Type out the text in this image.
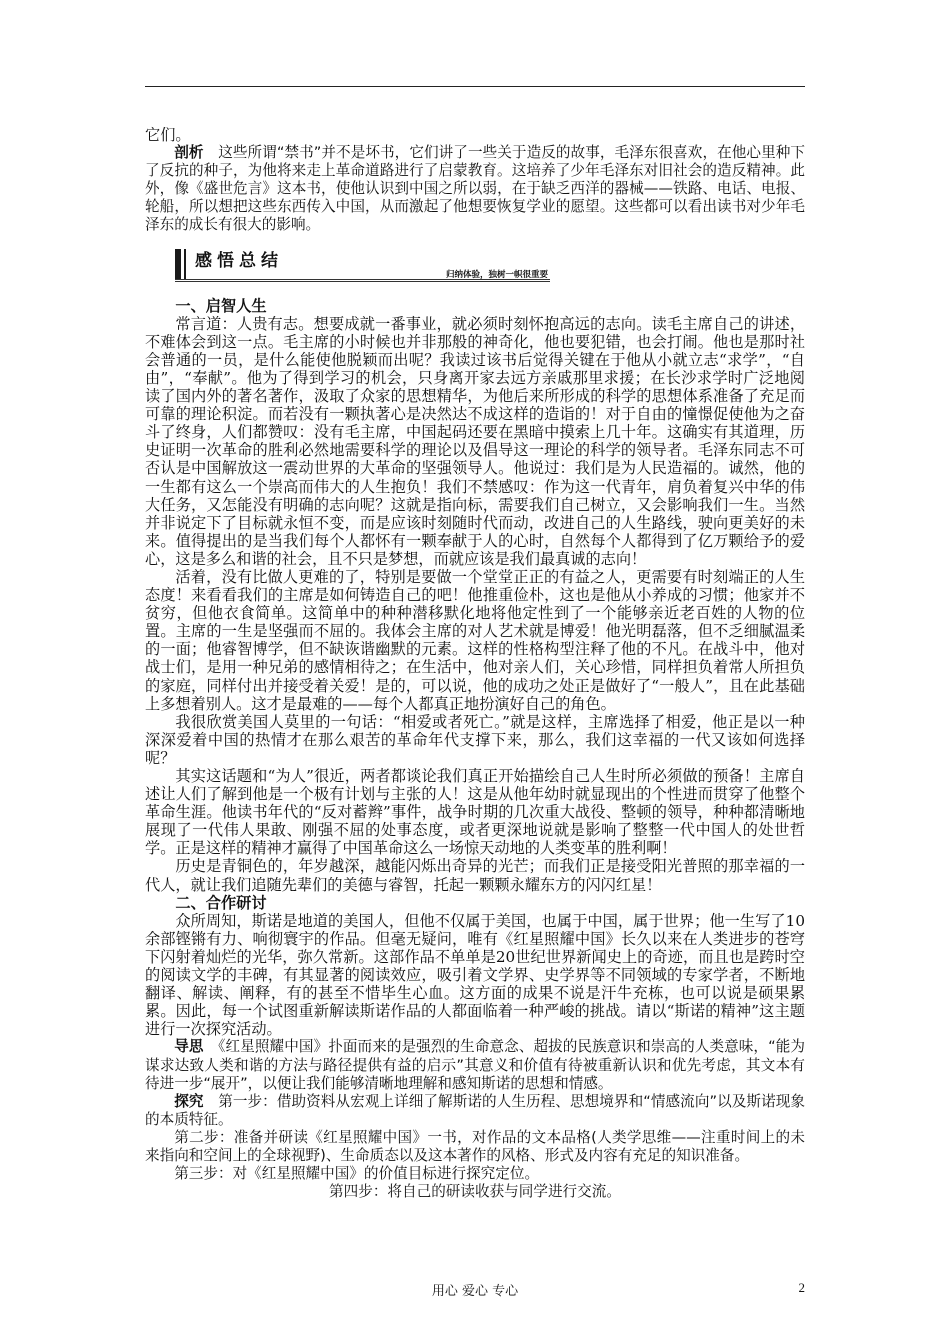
它们。

剖析　 这些所谓“禁书”并不是坏书，它们讲了一些关于造反的故事，毛泽东很喜欢，在他心里种下了反抗的种子，为他将来走上革命道路进行了启蒙教育。这培养了少年毛泽东对旧社会的造反精神。此外，像《盛世危言》这本书，使他认识到中国之所以弱，在于缺乏西洋的器械——铁路、电话、电报、轮船，所以想把这些东西传入中国，从而激起了他想要恢复学业的愿望。这些都可以看出读书对少年毛泽东的成长有很大的影响。

感悟总结
归纳体验，独树一帜很重要

一、启智人生

常言道：人贵有志。想要成就一番事业，就必须时刻怀抱高远的志向。读毛主席自己的讲述，不难体会到这一点。毛主席的小时候也并非那般的神奇化，他也要犯错，也会打闹。他也是那时社会普通的一员，是什么能使他脱颖而出呢？我读过该书后觉得关键在于他从小就立志“求学”，“自由”，“奉献”。他为了得到学习的机会，只身离开家去远方亲戚那里求援；在长沙求学时广泛地阅读了国内外的著名著作，汲取了众家的思想精华，为他后来所形成的科学的思想体系准备了充足而可靠的理论积淀。而若没有一颗执著心是决然达不成这样的造诣的！对于自由的憧憬促使他为之奋斗了终身，人们都赞叹：没有毛主席，中国起码还要在黑暗中摸索上几十年。这确实有其道理，历史证明一次革命的胜利必然地需要科学的理论以及倡导这一理论的科学的领导者。毛泽东同志不可否认是中国解放这一震动世界的大革命的坚强领导人。他说过：我们是为人民造福的。诚然，他的一生都有这么一个崇高而伟大的人生抱负！我们不禁感叹：作为这一代青年，肩负着复兴中华的伟大任务，又怎能没有明确的志向呢？这就是指向标，需要我们自己树立，又会影响我们一生。当然并非说定下了目标就永恒不变，而是应该时刻随时代而动，改进自己的人生路线，驶向更美好的未来。值得提出的是当我们每个人都怀有一颗奉献于人的心时，自然每个人都得到了亿万颗给予的爱心，这是多么和谐的社会，且不只是梦想，而就应该是我们最真诚的志向！

活着，没有比做人更难的了，特别是要做一个堂堂正正的有益之人，更需要有时刻端正的人生态度！来看看我们的主席是如何铸造自己的吧！他推重俭朴，这也是他从小养成的习惯；他家并不贫穷，但他衣食简单。这简单中的种种潜移默化地将他定性到了一个能够亲近老百姓的人物的位置。主席的一生是坚强而不屈的。我体会主席的对人艺术就是博爱！他光明磊落，但不乏细腻温柔的一面；他睿智博学，但不缺诙谐幽默的元素。这样的性格构型注释了他的不凡。在战斗中，他对战士们，是用一种兄弟的感情相待之；在生活中，他对亲人们，关心珍惜，同样担负着常人所担负的家庭，同样付出并接受着关爱！是的，可以说，他的成功之处正是做好了“一般人”，且在此基础上多想着别人。这才是最难的——每个人都真正地扮演好自己的角色。

我很欣赏美国人莫里的一句话：“相爱或者死亡。”就是这样，主席选择了相爱，他正是以一种深深爱着中国的热情才在那么艰苦的革命年代支撑下来，那么，我们这幸福的一代又该如何选择呢？

其实这话题和“为人”很近，两者都谈论我们真正开始描绘自己人生时所必须做的预备！主席自述让人们了解到他是一个极有计划与主张的人！这是从他年幼时就显现出的个性进而贯穿了他整个革命生涯。他读书年代的“反对蓄辫”事件，战争时期的几次重大战役、整顿的领导，种种都清晰地展现了一代伟人果敢、刚强不屈的处事态度，或者更深地说就是影响了整整一代中国人的处世哲学。正是这样的精神才赢得了中国革命这么一场惊天动地的人类变革的胜利啊！

历史是青铜色的，年岁越深，越能闪烁出奇异的光芒；而我们正是接受阳光普照的那幸福的一代人，就让我们追随先辈们的美德与睿智，托起一颗颗永耀东方的闪闪红星！

二、合作研讨

众所周知，斯诺是地道的美国人，但他不仅属于美国，也属于中国，属于世界；他一生写了10余部铿锵有力、响彻寰宇的作品。但毫无疑问，唯有《红星照耀中国》长久以来在人类进步的苍穹下闪射着灿烂的光华，弥久常新。这部作品不单单是20世纪世界新闻史上的奇迹，而且也是跨时空的阅读文学的丰碑，有其显著的阅读效应，吸引着文学界、史学界等不同领域的专家学者，不断地翻译、解读、阐释，有的甚至不惜毕生心血。这方面的成果不说是汗牛充栋，也可以说是硕果累累。因此，每一个试图重新解读斯诺作品的人都面临着一种严峻的挑战。请以“斯诺的精神”这主题进行一次探究活动。

导思　 《红星照耀中国》扑面而来的是强烈的生命意念、超拔的民族意识和崇高的人类意味，“能为谋求达致人类和谐的方法与路径提供有益的启示”其意义和价值有待被重新认识和优先考虑，其文本有待进一步“展开”，以便让我们能够清晰地理解和感知斯诺的思想和情感。

探究　 第一步：借助资料从宏观上详细了解斯诺的人生历程、思想境界和“情感流向”以及斯诺现象的本质特征。

第二步：准备并研读《红星照耀中国》一书，对作品的文本品格(人类学思维——注重时间上的未来指向和空间上的全球视野)、生命质态以及这本著作的风格、形式及内容有充足的知识准备。

第三步：对《红星照耀中国》的价值目标进行探究定位。

第四步：将自己的研读收获与同学进行交流。

用心 爱心 专心	2
